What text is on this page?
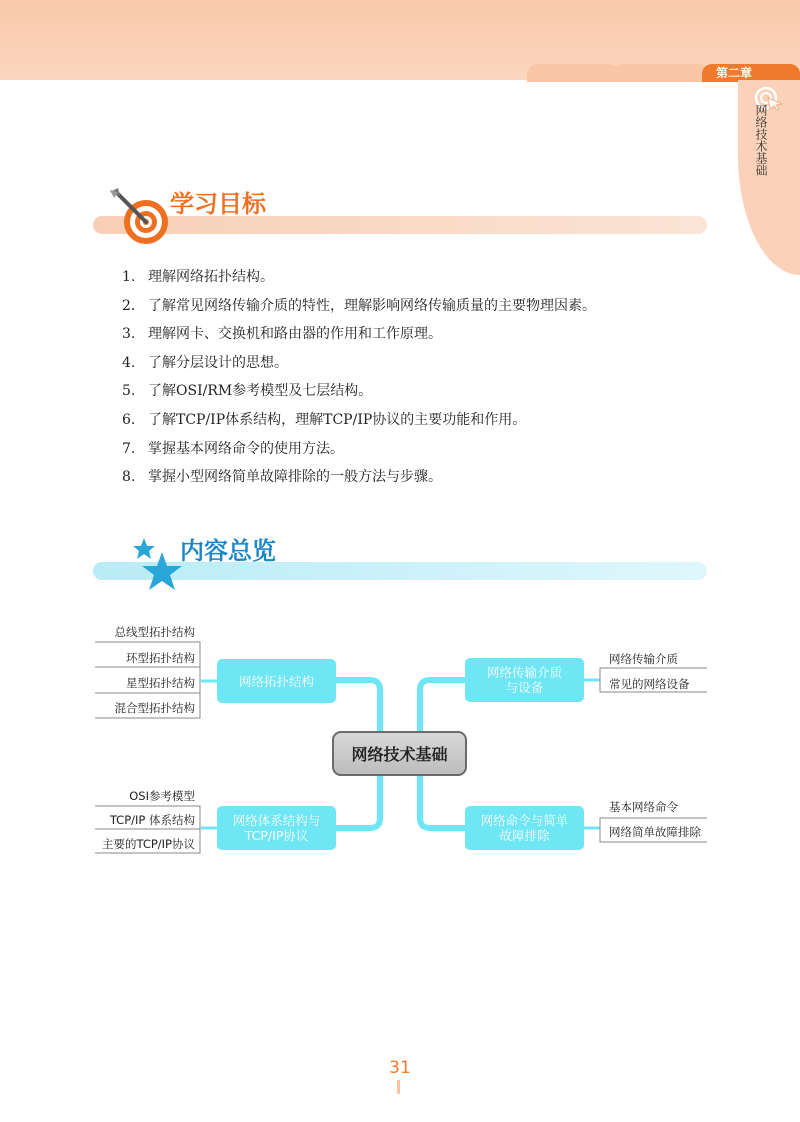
第二章
网络技术基础
学习目标
1. 理解网络拓扑结构。
2. 了解常见网络传输介质的特性，理解影响网络传输质量的主要物理因素。
3. 理解网卡、交换机和路由器的作用和工作原理。
4. 了解分层设计的思想。
5. 了解OSI/RM参考模型及七层结构。
6. 了解TCP/IP体系结构，理解TCP/IP协议的主要功能和作用。
7. 掌握基本网络命令的使用方法。
8. 掌握小型网络简单故障排除的一般方法与步骤。
内容总览
总线型拓扑结构
环型拓扑结构
星型拓扑结构
混合型拓扑结构
网络传输介质
常见的网络设备
OSI参考模型
TCP/IP 体系结构
主要的TCP/IP协议
基本网络命令
网络简单故障排除
网络拓扑结构
网络传输介质
与设备
网络体系结构与
TCP/IP协议
网络命令与简单
故障排除
网络技术基础
31
